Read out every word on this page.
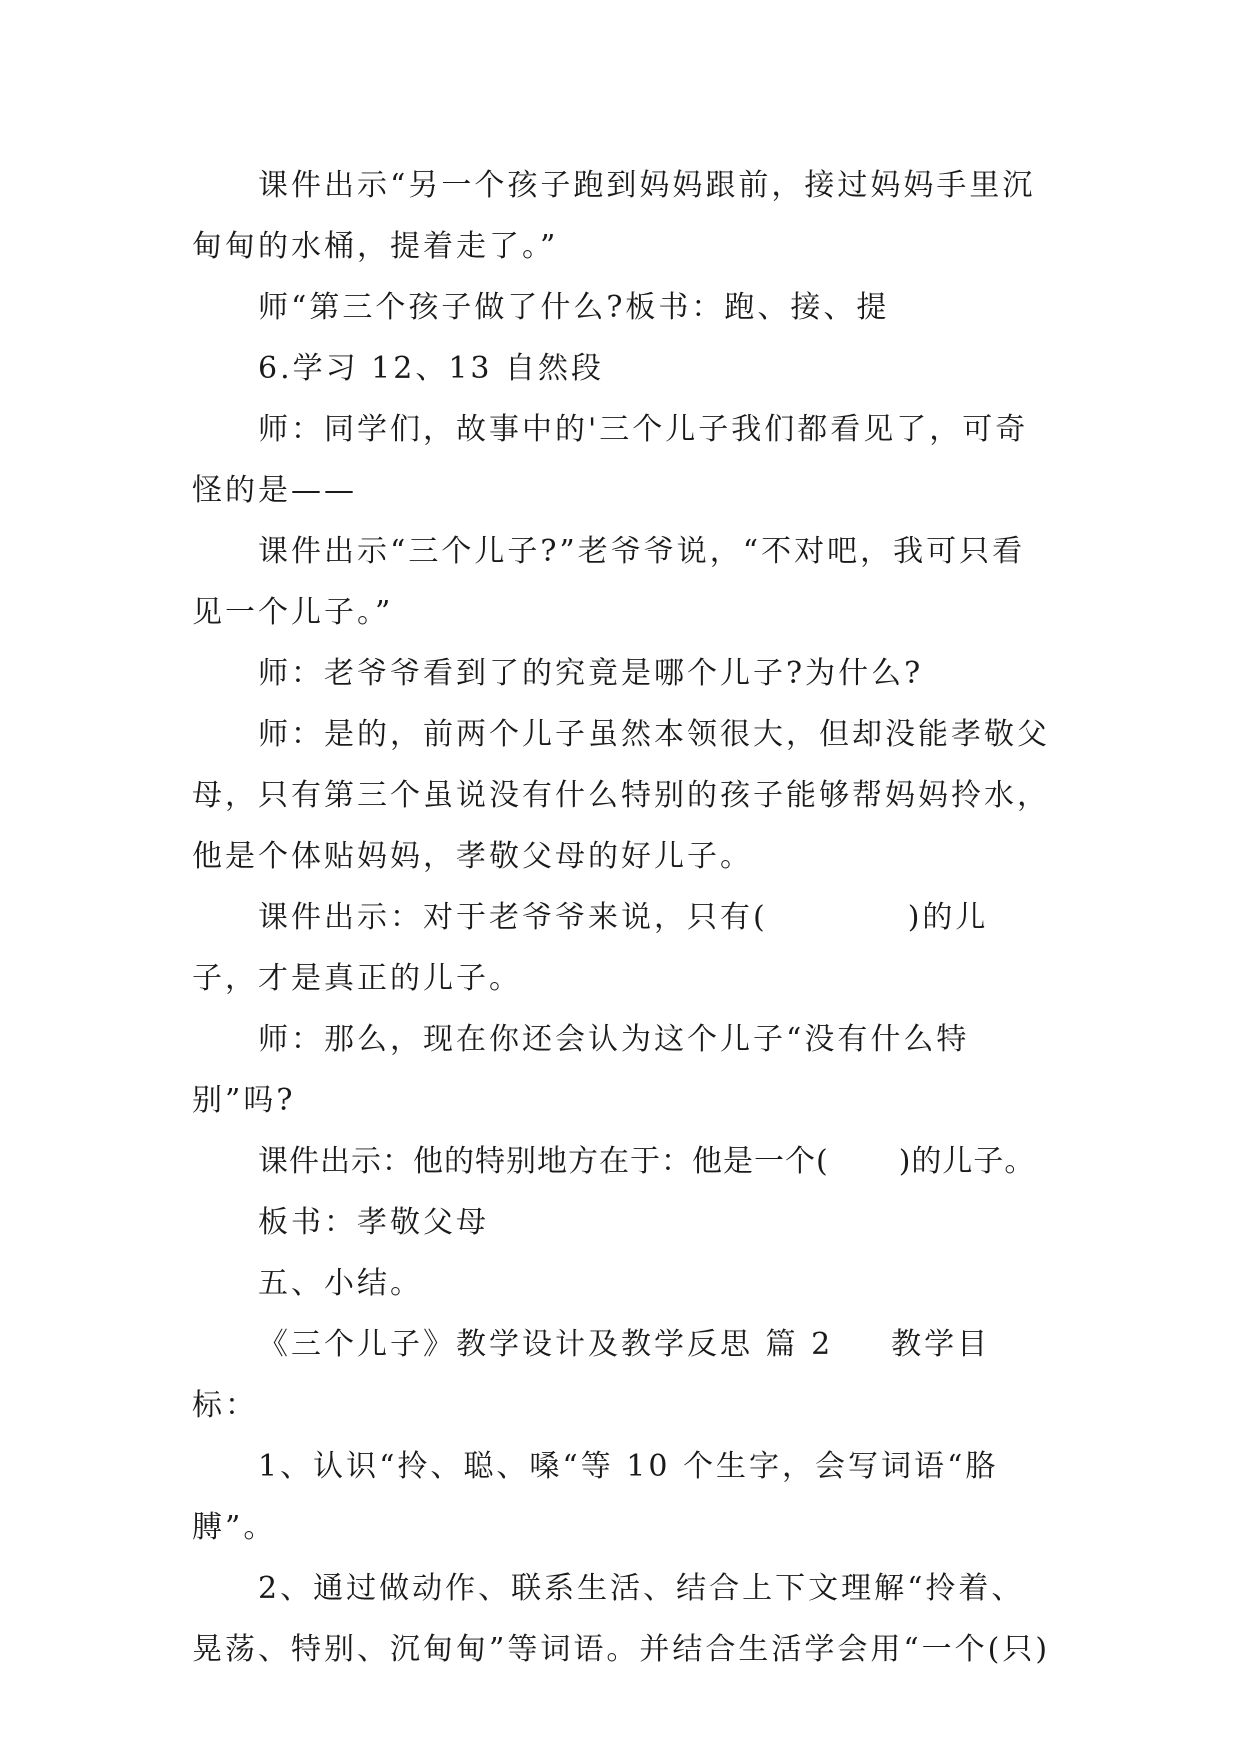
课件出示“另一个孩子跑到妈妈跟前，接过妈妈手里沉甸甸的水桶，提着走了。”

师“第三个孩子做了什么?板书：跑、接、提

6.学习 12、13 自然段

师：同学们，故事中的'三个儿子我们都看见了，可奇怪的是——

课件出示“三个儿子?”老爷爷说，“不对吧，我可只看见一个儿子。”

师：老爷爷看到了的究竟是哪个儿子?为什么?

师：是的，前两个儿子虽然本领很大，但却没能孝敬父母，只有第三个虽说没有什么特别的孩子能够帮妈妈拎水，他是个体贴妈妈，孝敬父母的好儿子。

课件出示：对于老爷爷来说，只有(	)的儿子，才是真正的儿子。

师：那么，现在你还会认为这个儿子“没有什么特别”吗?

课件出示：他的特别地方在于：他是一个( )的儿子。

板书：孝敬父母

五、小结。

《三个儿子》教学设计及教学反思 篇 2 教学目标：

1、认识“拎、聪、嗓“等 10 个生字，会写词语“胳膊”。

2、通过做动作、联系生活、结合上下文理解“拎着、晃荡、特别、沉甸甸”等词语。并结合生活学会用“一个(只)
